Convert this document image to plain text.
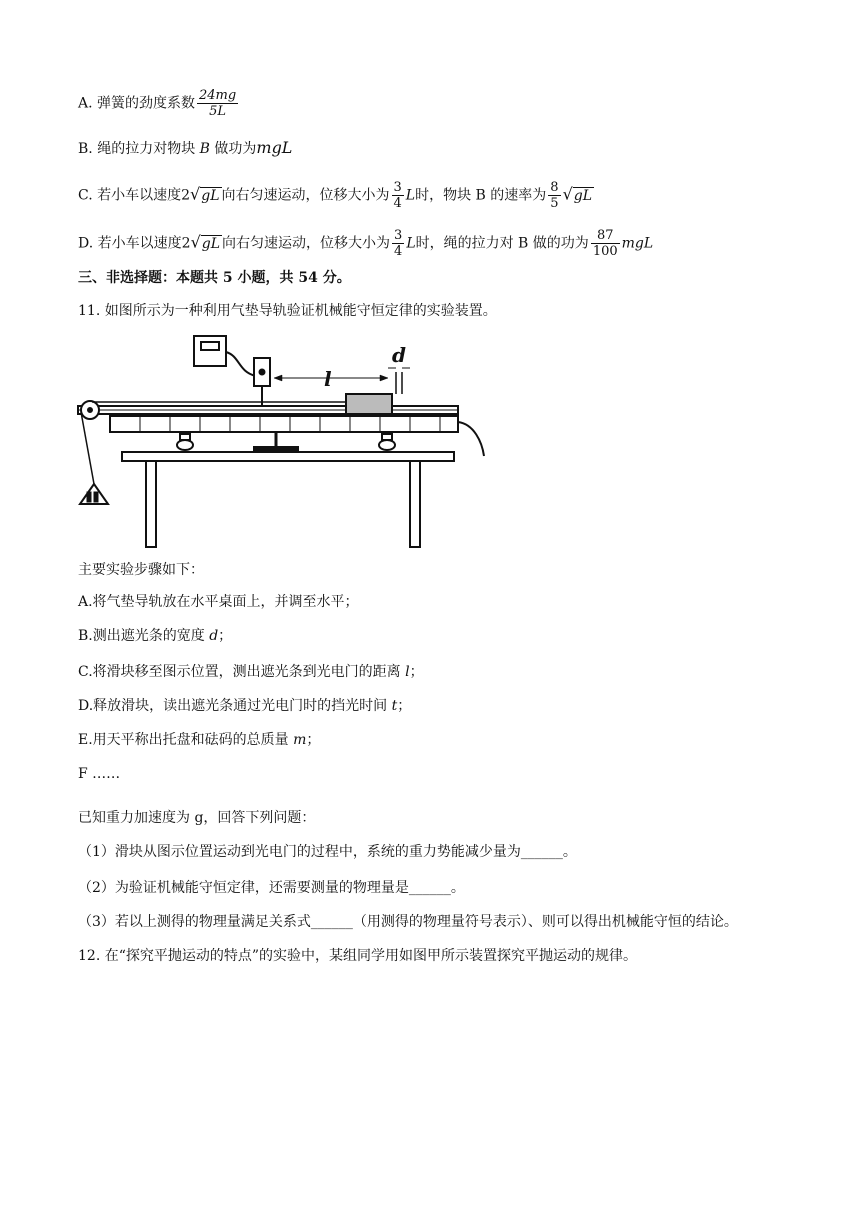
A. 弹簧的劲度系数 $\frac{24mg}{5L}$
B. 绳的拉力对物块 B 做功为mgL
C. 若小车以速度2√gL 向右匀速运动，位移大小为 $\frac{3}{4}$ L时，物块 B 的速率为 $\frac{8}{5} √gL$
D. 若小车以速度2√gL 向右匀速运动，位移大小为 $\frac{3}{4}$ L时，绳的拉力对 B 做的功为 $\frac{87}{100}$ mgL
三、非选择题：本题共 5 小题，共 54 分。
11. 如图所示为一种利用气垫导轨验证机械能守恒定律的实验装置。
d
l
主要实验步骤如下：
A.将气垫导轨放在水平桌面上，并调至水平；
B.测出遮光条的宽度 d；
C.将滑块移至图示位置，测出遮光条到光电门的距离 l；
D.释放滑块，读出遮光条通过光电门时的挡光时间 t；
E.用天平称出托盘和砝码的总质量 m；
F ……
已知重力加速度为 g，回答下列问题：
（1）滑块从图示位置运动到光电门的过程中，系统的重力势能减少量为______。
（2）为验证机械能守恒定律，还需要测量的物理量是______。
（3）若以上测得的物理量满足关系式______（用测得的物理量符号表示）、则可以得出机械能守恒的结论。
12. 在“探究平抛运动的特点”的实验中，某组同学用如图甲所示装置探究平抛运动的规律。
